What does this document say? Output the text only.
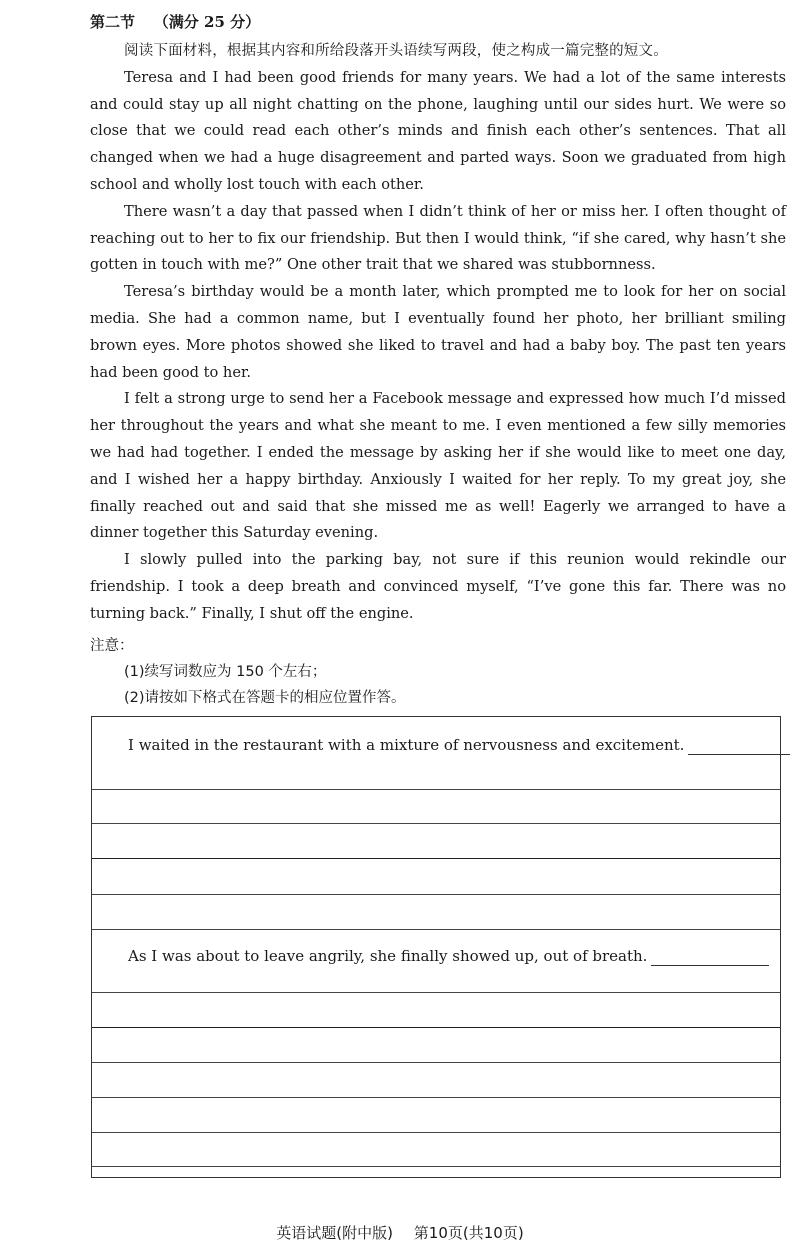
第二节 （满分 25 分）

阅读下面材料，根据其内容和所给段落开头语续写两段，使之构成一篇完整的短文。

Teresa and I had been good friends for many years. We had a lot of the same interests and could stay up all night chatting on the phone, laughing until our sides hurt. We were so close that we could read each other’s minds and finish each other’s sentences. That all changed when we had a huge disagreement and parted ways. Soon we graduated from high school and wholly lost touch with each other.

There wasn’t a day that passed when I didn’t think of her or miss her. I often thought of reaching out to her to fix our friendship. But then I would think, “if she cared, why hasn’t she gotten in touch with me?” One other trait that we shared was stubbornness.

Teresa’s birthday would be a month later, which prompted me to look for her on social media. She had a common name, but I eventually found her photo, her brilliant smiling brown eyes. More photos showed she liked to travel and had a baby boy. The past ten years had been good to her.

I felt a strong urge to send her a Facebook message and expressed how much I’d missed her throughout the years and what she meant to me. I even mentioned a few silly memories we had had together. I ended the message by asking her if she would like to meet one day, and I wished her a happy birthday. Anxiously I waited for her reply. To my great joy, she finally reached out and said that she missed me as well! Eagerly we arranged to have a dinner together this Saturday evening.

I slowly pulled into the parking bay, not sure if this reunion would rekindle our friendship. I took a deep breath and convinced myself, “I’ve gone this far. There was no turning back.” Finally, I shut off the engine.

注意：
(1)续写词数应为 150 个左右；
(2)请按如下格式在答题卡的相应位置作答。
I waited in the restaurant with a mixture of nervousness and excitement.
As I was about to leave angrily, she finally showed up, out of breath.
英语试题(附中版) 第10页(共10页)
